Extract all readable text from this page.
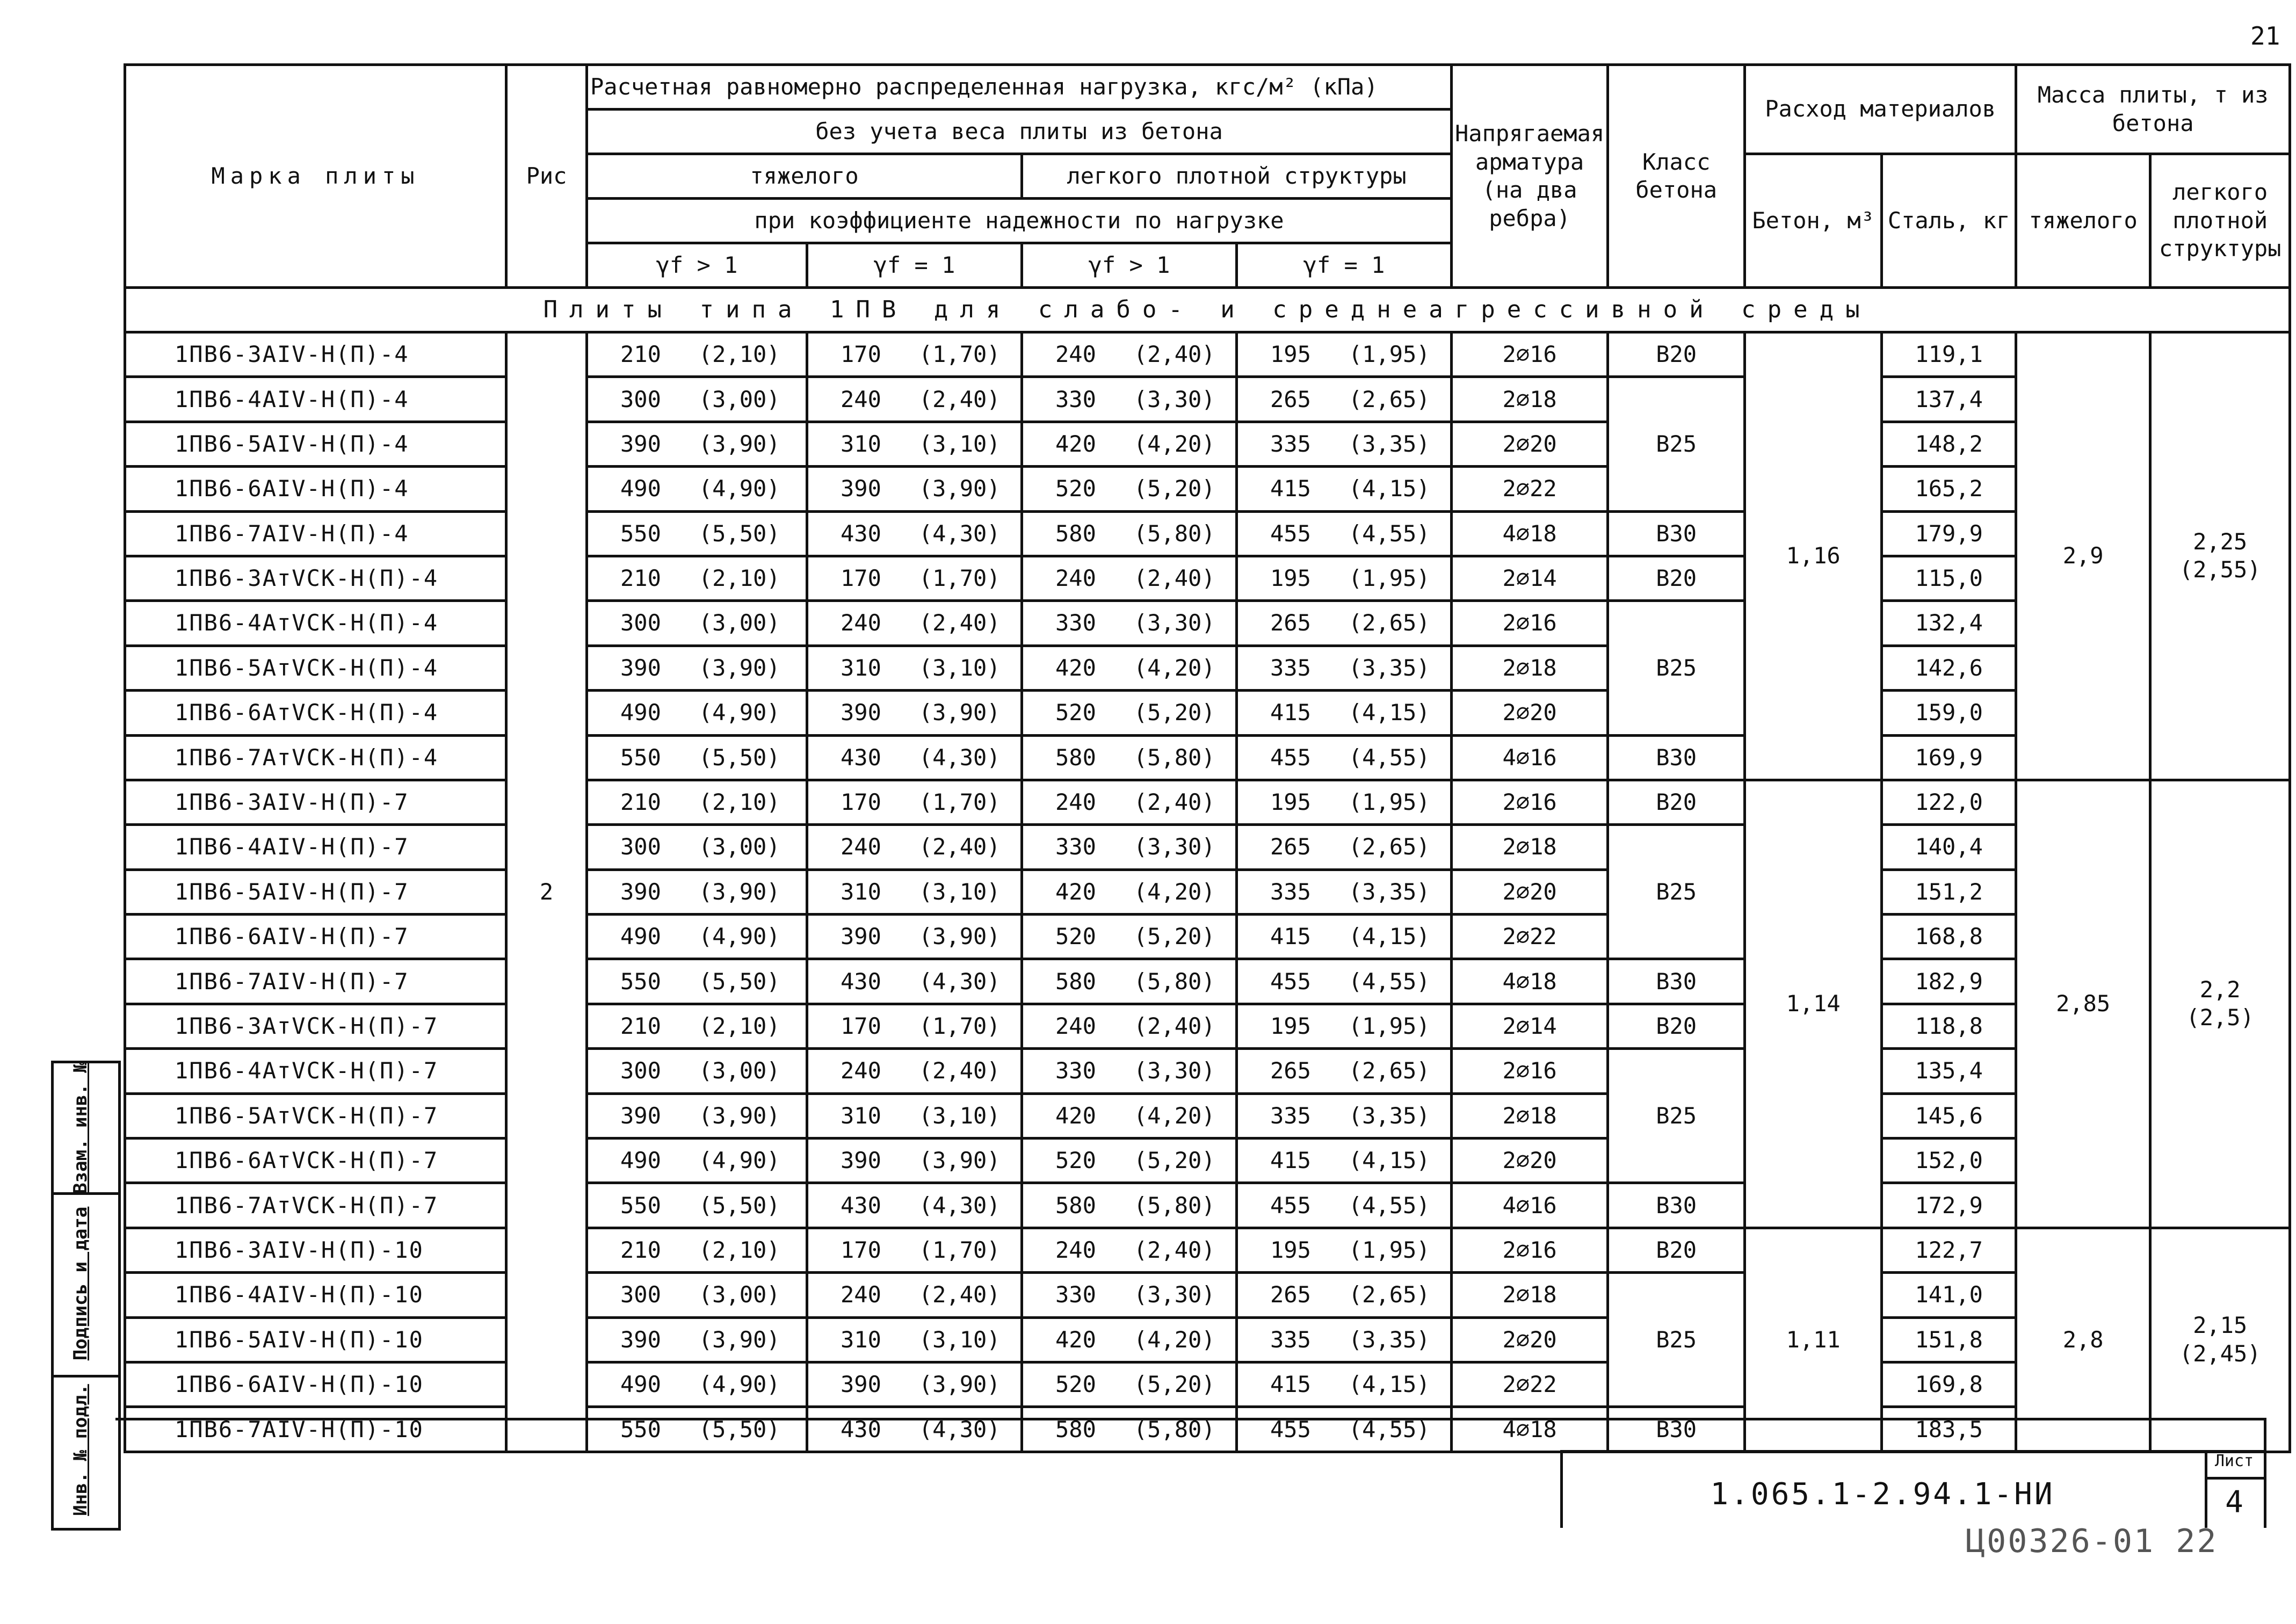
21
Марка плиты	Рис	Расчетная равномерно распределенная нагрузка, кгс/м² (кПа)				Напрягаемая арматура (на два ребра)	Класс бетона	Расход материалов		Масса плиты, т из бетона	
		без учета веса плиты из бетона									
		тяжелого		легкого плотной структуры				Бетон, м³	Сталь, кг	тяжелого	легкого плотной структуры
		при коэффициенте надежности по нагрузке									
		γf > 1	γf = 1	γf > 1	γf = 1						
Плиты типа 1ПВ для слабо- и среднеагрессивной среды											
1ПВ6-3АIV-Н(П)-4	2	210 (2,10)	170 (1,70)	240 (2,40)	195 (1,95)	2⌀16	В20	1,16	119,1	2,9	2,25
(2,55)

1ПВ6-4АIV-Н(П)-4		300 (3,00)	240 (2,40)	330 (3,30)	265 (2,65)	2⌀18	В25		137,4		
1ПВ6-5АIV-Н(П)-4		390 (3,90)	310 (3,10)	420 (4,20)	335 (3,35)	2⌀20			148,2		
1ПВ6-6АIV-Н(П)-4		490 (4,90)	390 (3,90)	520 (5,20)	415 (4,15)	2⌀22			165,2		
1ПВ6-7АIV-Н(П)-4		550 (5,50)	430 (4,30)	580 (5,80)	455 (4,55)	4⌀18	В30		179,9		
1ПВ6-3АтVСК-Н(П)-4		210 (2,10)	170 (1,70)	240 (2,40)	195 (1,95)	2⌀14	В20		115,0		
1ПВ6-4АтVСК-Н(П)-4		300 (3,00)	240 (2,40)	330 (3,30)	265 (2,65)	2⌀16	В25		132,4		
1ПВ6-5АтVСК-Н(П)-4		390 (3,90)	310 (3,10)	420 (4,20)	335 (3,35)	2⌀18			142,6		
1ПВ6-6АтVСК-Н(П)-4		490 (4,90)	390 (3,90)	520 (5,20)	415 (4,15)	2⌀20			159,0		
1ПВ6-7АтVСК-Н(П)-4		550 (5,50)	430 (4,30)	580 (5,80)	455 (4,55)	4⌀16	В30		169,9		
1ПВ6-3АIV-Н(П)-7		210 (2,10)	170 (1,70)	240 (2,40)	195 (1,95)	2⌀16	В20	1,14	122,0	2,85	2,2
(2,5)

1ПВ6-4АIV-Н(П)-7		300 (3,00)	240 (2,40)	330 (3,30)	265 (2,65)	2⌀18	В25		140,4		
1ПВ6-5АIV-Н(П)-7		390 (3,90)	310 (3,10)	420 (4,20)	335 (3,35)	2⌀20			151,2		
1ПВ6-6АIV-Н(П)-7		490 (4,90)	390 (3,90)	520 (5,20)	415 (4,15)	2⌀22			168,8		
1ПВ6-7АIV-Н(П)-7		550 (5,50)	430 (4,30)	580 (5,80)	455 (4,55)	4⌀18	В30		182,9		
1ПВ6-3АтVСК-Н(П)-7		210 (2,10)	170 (1,70)	240 (2,40)	195 (1,95)	2⌀14	В20		118,8		
1ПВ6-4АтVСК-Н(П)-7		300 (3,00)	240 (2,40)	330 (3,30)	265 (2,65)	2⌀16	В25		135,4		
1ПВ6-5АтVСК-Н(П)-7		390 (3,90)	310 (3,10)	420 (4,20)	335 (3,35)	2⌀18			145,6		
1ПВ6-6АтVСК-Н(П)-7		490 (4,90)	390 (3,90)	520 (5,20)	415 (4,15)	2⌀20			152,0		
1ПВ6-7АтVСК-Н(П)-7		550 (5,50)	430 (4,30)	580 (5,80)	455 (4,55)	4⌀16	В30		172,9		
1ПВ6-3АIV-Н(П)-10		210 (2,10)	170 (1,70)	240 (2,40)	195 (1,95)	2⌀16	В20	1,11	122,7	2,8	2,15
(2,45)

1ПВ6-4АIV-Н(П)-10		300 (3,00)	240 (2,40)	330 (3,30)	265 (2,65)	2⌀18	В25		141,0		
1ПВ6-5АIV-Н(П)-10		390 (3,90)	310 (3,10)	420 (4,20)	335 (3,35)	2⌀20			151,8		
1ПВ6-6АIV-Н(П)-10		490 (4,90)	390 (3,90)	520 (5,20)	415 (4,15)	2⌀22			169,8		
1ПВ6-7АIV-Н(П)-10		550 (5,50)	430 (4,30)	580 (5,80)	455 (4,55)	4⌀18	В30		183,5		
Взам. инв. №
Подпись и дата
Инв. № подл.	1.065.1-2.94.1-НИ
Лист
4
Ц00326-01 22
